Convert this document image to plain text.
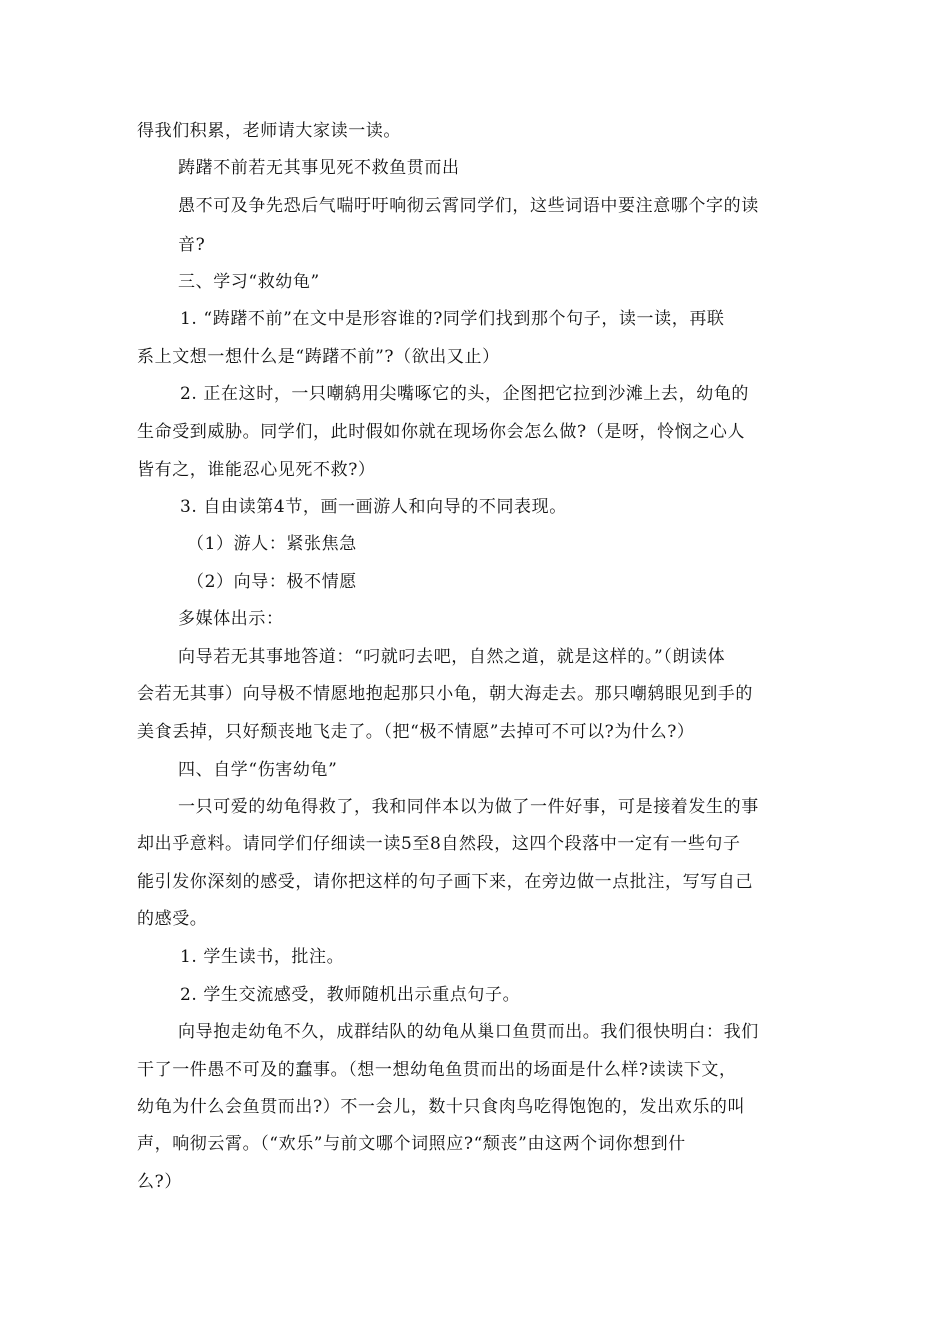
得我们积累，老师请大家读一读。
踌躇不前若无其事见死不救鱼贯而出
愚不可及争先恐后气喘吁吁响彻云霄同学们，这些词语中要注意哪个字的读
音?
三、学习“救幼龟”
1. “踌躇不前”在文中是形容谁的?同学们找到那个句子，读一读，再联
系上文想一想什么是“踌躇不前”?（欲出又止）
2. 正在这时，一只嘲鸫用尖嘴啄它的头，企图把它拉到沙滩上去，幼龟的
生命受到威胁。同学们，此时假如你就在现场你会怎么做?（是呀，怜悯之心人
皆有之，谁能忍心见死不救?）
3. 自由读第4节，画一画游人和向导的不同表现。
（1）游人：紧张焦急
（2）向导：极不情愿
多媒体出示：
向导若无其事地答道：“叼就叼去吧，自然之道，就是这样的。”（朗读体
会若无其事）向导极不情愿地抱起那只小龟，朝大海走去。那只嘲鸫眼见到手的
美食丢掉，只好颓丧地飞走了。（把“极不情愿”去掉可不可以?为什么?）
四、自学“伤害幼龟”
一只可爱的幼龟得救了，我和同伴本以为做了一件好事，可是接着发生的事
却出乎意料。请同学们仔细读一读5至8自然段，这四个段落中一定有一些句子
能引发你深刻的感受，请你把这样的句子画下来，在旁边做一点批注，写写自己
的感受。
1. 学生读书，批注。
2. 学生交流感受，教师随机出示重点句子。
向导抱走幼龟不久，成群结队的幼龟从巢口鱼贯而出。我们很快明白：我们
干了一件愚不可及的蠢事。（想一想幼龟鱼贯而出的场面是什么样?读读下文，
幼龟为什么会鱼贯而出?）不一会儿，数十只食肉鸟吃得饱饱的，发出欢乐的叫
声，响彻云霄。（“欢乐”与前文哪个词照应?“颓丧”由这两个词你想到什
么?）
